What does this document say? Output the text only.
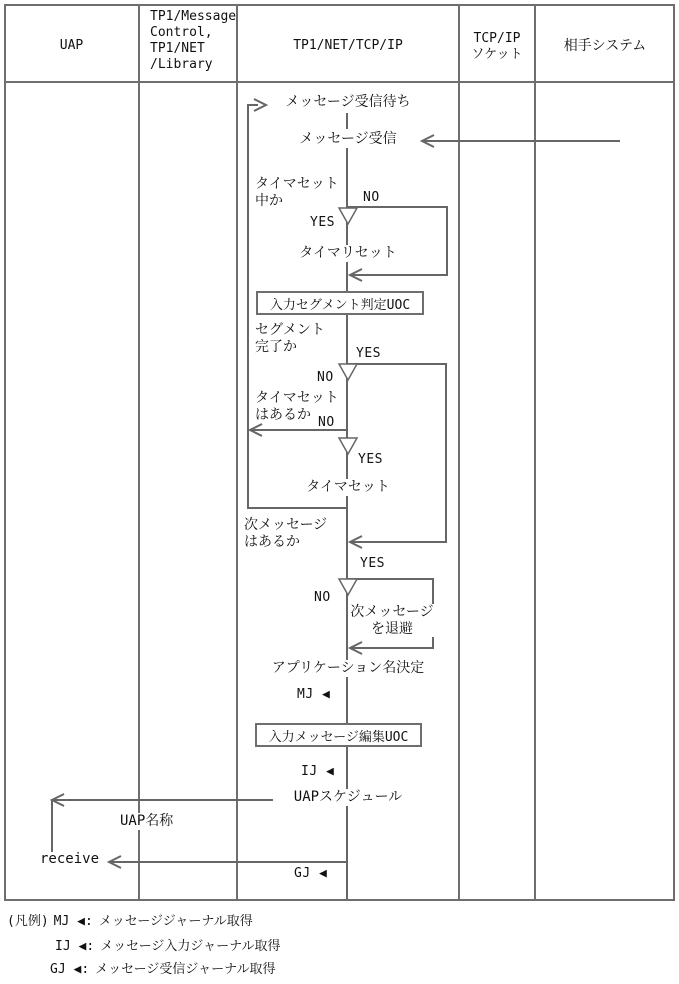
UAP
TP1/Message
Control,
TP1/NET
/Library
TP1/NET/TCP/IP	TCP/IP
ソケット
相手システム
メッセージ受信待ち
メッセージ受信
タイマリセット
タイマセット
アプリケーション名決定
UAPスケジュール
タイマセット
中か
セグメント
完了か
タイマセット
はあるか
次メッセージ
はあるか
次メッセージ
を退避
NO
YES
YES
NO
NO
YES
YES
NO
入力セグメント判定UOC
入力メッセージ編集UOC
MJ ◀
IJ ◀
GJ ◀
UAP名称
receive
(凡例) MJ ◀: メッセージジャーナル取得
IJ ◀: メッセージ入力ジャーナル取得
GJ ◀: メッセージ受信ジャーナル取得
